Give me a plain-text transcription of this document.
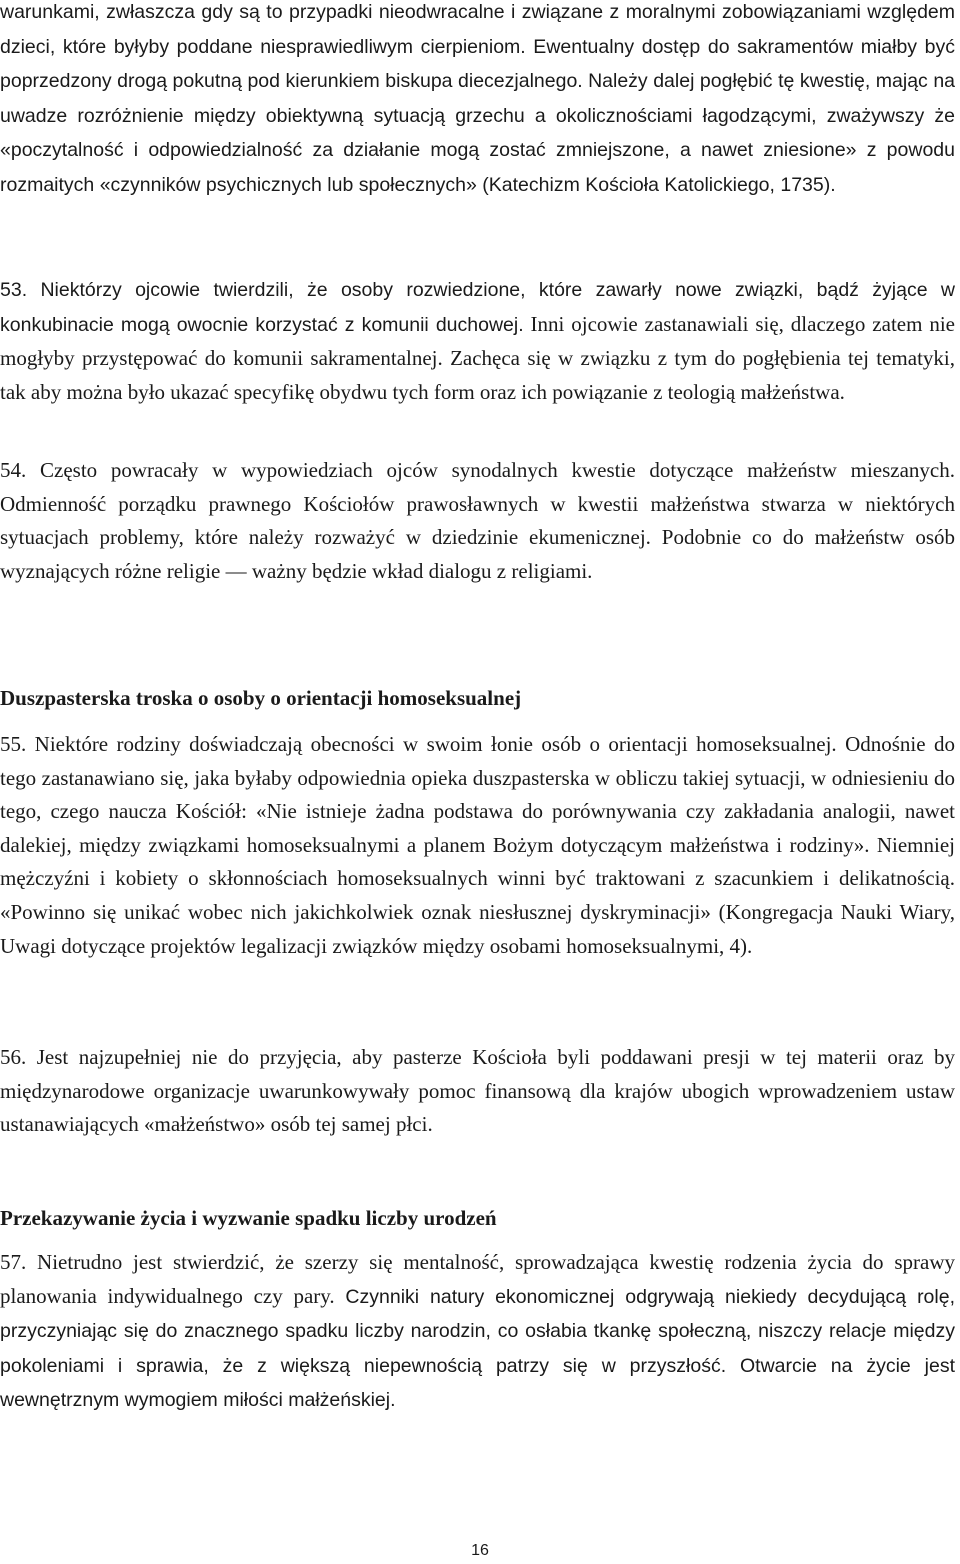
warunkami, zwłaszcza gdy są to przypadki nieodwracalne i związane z moralnymi zobowiązaniami względem dzieci, które byłyby poddane niesprawiedliwym cierpieniom. Ewentualny dostęp do sakramentów miałby być poprzedzony drogą pokutną pod kierunkiem biskupa diecezjalnego. Należy dalej pogłębić tę kwestię, mając na uwadze rozróżnienie między obiektywną sytuacją grzechu a okolicznościami łagodzącymi, zważywszy że «poczytalność i odpowiedzialność za działanie mogą zostać zmniejszone, a nawet zniesione» z powodu rozmaitych «czynników psychicznych lub społecznych» (Katechizm Kościoła Katolickiego, 1735).

53. Niektórzy ojcowie twierdzili, że osoby rozwiedzione, które zawarły nowe związki, bądź żyjące w konkubinacie mogą owocnie korzystać z komunii duchowej. Inni ojcowie zastanawiali się, dlaczego zatem nie mogłyby przystępować do komunii sakramentalnej. Zachęca się w związku z tym do pogłębienia tej tematyki, tak aby można było ukazać specyfikę obydwu tych form oraz ich powiązanie z teologią małżeństwa.

54. Często powracały w wypowiedziach ojców synodalnych kwestie dotyczące małżeństw mieszanych. Odmienność porządku prawnego Kościołów prawosławnych w kwestii małżeństwa stwarza w niektórych sytuacjach problemy, które należy rozważyć w dziedzinie ekumenicznej. Podobnie co do małżeństw osób wyznających różne religie — ważny będzie wkład dialogu z religiami.

Duszpasterska troska o osoby o orientacji homoseksualnej

55. Niektóre rodziny doświadczają obecności w swoim łonie osób o orientacji homoseksualnej. Odnośnie do tego zastanawiano się, jaka byłaby odpowiednia opieka duszpasterska w obliczu takiej sytuacji, w odniesieniu do tego, czego naucza Kościół: «Nie istnieje żadna podstawa do porównywania czy zakładania analogii, nawet dalekiej, między związkami homoseksualnymi a planem Bożym dotyczącym małżeństwa i rodziny». Niemniej mężczyźni i kobiety o skłonnościach homoseksualnych winni być traktowani z szacunkiem i delikatnością. «Powinno się unikać wobec nich jakichkolwiek oznak niesłusznej dyskryminacji» (Kongregacja Nauki Wiary, Uwagi dotyczące projektów legalizacji związków między osobami homoseksualnymi, 4).

56. Jest najzupełniej nie do przyjęcia, aby pasterze Kościoła byli poddawani presji w tej materii oraz by międzynarodowe organizacje uwarunkowywały pomoc finansową dla krajów ubogich wprowadzeniem ustaw ustanawiających «małżeństwo» osób tej samej płci.

Przekazywanie życia i wyzwanie spadku liczby urodzeń

57. Nietrudno jest stwierdzić, że szerzy się mentalność, sprowadzająca kwestię rodzenia życia do sprawy planowania indywidualnego czy pary. Czynniki natury ekonomicznej odgrywają niekiedy decydującą rolę, przyczyniając się do znacznego spadku liczby narodzin, co osłabia tkankę społeczną, niszczy relacje między pokoleniami i sprawia, że z większą niepewnością patrzy się w przyszłość. Otwarcie na życie jest wewnętrznym wymogiem miłości małżeńskiej.

16
